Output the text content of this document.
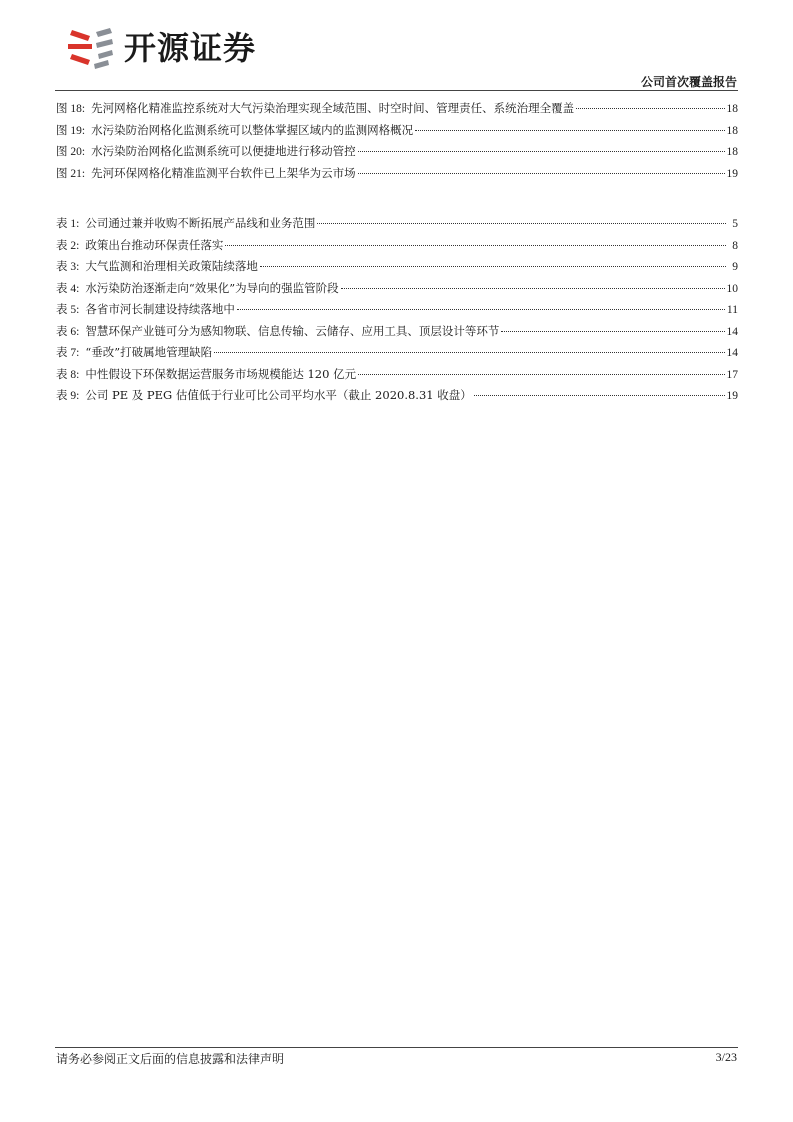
开源证券
公司首次覆盖报告
图 18: 先河网格化精准监控系统对大气污染治理实现全域范围、时空时间、管理责任、系统治理全覆盖	18
图 19: 水污染防治网格化监测系统可以整体掌握区域内的监测网格概况	18
图 20: 水污染防治网格化监测系统可以便捷地进行移动管控	18
图 21: 先河环保网格化精准监测平台软件已上架华为云市场	19
表 1: 公司通过兼并收购不断拓展产品线和业务范围	5
表 2: 政策出台推动环保责任落实	8
表 3: 大气监测和治理相关政策陆续落地	9
表 4: 水污染防治逐渐走向“效果化”为导向的强监管阶段	10
表 5: 各省市河长制建设持续落地中	11
表 6: 智慧环保产业链可分为感知物联、信息传输、云储存、应用工具、顶层设计等环节	14
表 7: “垂改”打破属地管理缺陷	14
表 8: 中性假设下环保数据运营服务市场规模能达 120 亿元	17
表 9: 公司 PE 及 PEG 估值低于行业可比公司平均水平（截止 2020.8.31 收盘）	19
请务必参阅正文后面的信息披露和法律声明	3/23
